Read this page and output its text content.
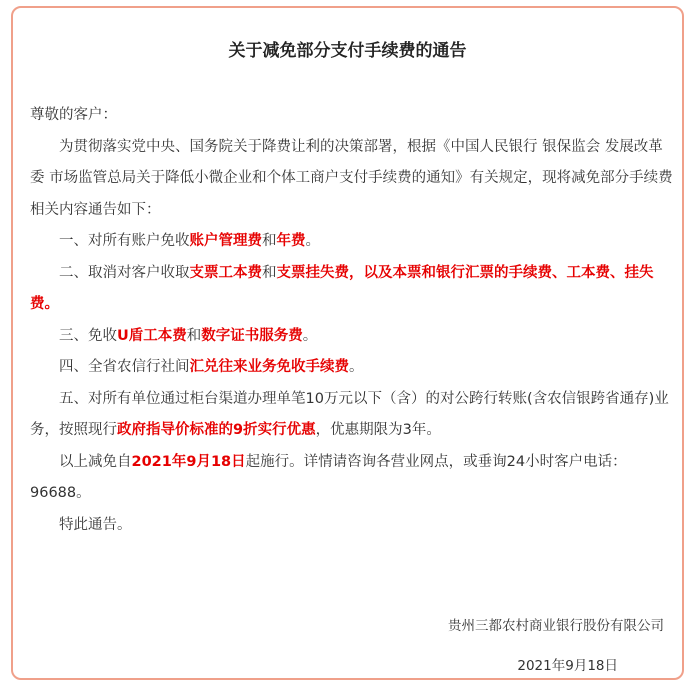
关于减免部分支付手续费的通告

尊敬的客户：

为贯彻落实党中央、国务院关于降费让利的决策部署，根据《中国人民银行 银保监会 发展改革委 市场监管总局关于降低小微企业和个体工商户支付手续费的通知》有关规定，现将减免部分手续费相关内容通告如下：

一、对所有账户免收账户管理费和年费。

二、取消对客户收取支票工本费和支票挂失费，以及本票和银行汇票的手续费、工本费、挂失费。

三、免收U盾工本费和数字证书服务费。

四、全省农信行社间汇兑往来业务免收手续费。

五、对所有单位通过柜台渠道办理单笔10万元以下（含）的对公跨行转账(含农信银跨省通存)业务，按照现行政府指导价标准的9折实行优惠，优惠期限为3年。

以上减免自2021年9月18日起施行。详情请咨询各营业网点，或垂询24小时客户电话：96688。

特此通告。

贵州三都农村商业银行股份有限公司
2021年9月18日
